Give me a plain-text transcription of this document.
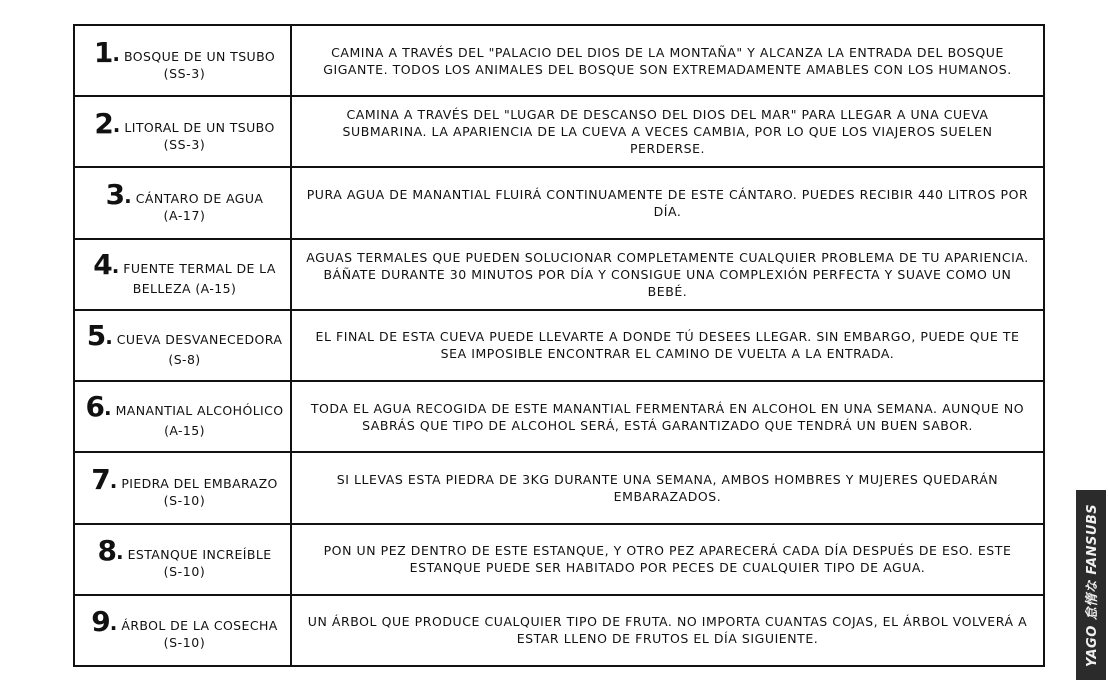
1. BOSQUE DE UN TSUBO
(SS-3)	CAMINA A TRAVÉS DEL "PALACIO DEL DIOS DE LA MONTAÑA" Y ALCANZA LA ENTRADA DEL BOSQUE GIGANTE. TODOS LOS ANIMALES DEL BOSQUE SON EXTREMADAMENTE AMABLES CON LOS HUMANOS.
2. LITORAL DE UN TSUBO
(SS-3)	CAMINA A TRAVÉS DEL "LUGAR DE DESCANSO DEL DIOS DEL MAR" PARA LLEGAR A UNA CUEVA SUBMARINA. LA APARIENCIA DE LA CUEVA A VECES CAMBIA, POR LO QUE LOS VIAJEROS SUELEN PERDERSE.
3. CÁNTARO DE AGUA
(A-17)	PURA AGUA DE MANANTIAL FLUIRÁ CONTINUAMENTE DE ESTE CÁNTARO. PUEDES RECIBIR 440 LITROS POR DÍA.
4. FUENTE TERMAL DE LA BELLEZA (A-15)	AGUAS TERMALES QUE PUEDEN SOLUCIONAR COMPLETAMENTE CUALQUIER PROBLEMA DE TU APARIENCIA. BÁÑATE DURANTE 30 MINUTOS POR DÍA Y CONSIGUE UNA COMPLEXIÓN PERFECTA Y SUAVE COMO UN BEBÉ.
5. CUEVA DESVANECEDORA (S-8)	EL FINAL DE ESTA CUEVA PUEDE LLEVARTE A DONDE TÚ DESEES LLEGAR. SIN EMBARGO, PUEDE QUE TE SEA IMPOSIBLE ENCONTRAR EL CAMINO DE VUELTA A LA ENTRADA.
6. MANANTIAL ALCOHÓLICO (A-15)	TODA EL AGUA RECOGIDA DE ESTE MANANTIAL FERMENTARÁ EN ALCOHOL EN UNA SEMANA. AUNQUE NO SABRÁS QUE TIPO DE ALCOHOL SERÁ, ESTÁ GARANTIZADO QUE TENDRÁ UN BUEN SABOR.
7. PIEDRA DEL EMBARAZO
(S-10)	SI LLEVAS ESTA PIEDRA DE 3KG DURANTE UNA SEMANA, AMBOS HOMBRES Y MUJERES QUEDARÁN EMBARAZADOS.
8. ESTANQUE INCREÍBLE
(S-10)	PON UN PEZ DENTRO DE ESTE ESTANQUE, Y OTRO PEZ APARECERÁ CADA DÍA DESPUÉS DE ESO. ESTE ESTANQUE PUEDE SER HABITADO POR PECES DE CUALQUIER TIPO DE AGUA.
9. ÁRBOL DE LA COSECHA
(S-10)	UN ÁRBOL QUE PRODUCE CUALQUIER TIPO DE FRUTA. NO IMPORTA CUANTAS COJAS, EL ÁRBOL VOLVERÁ A ESTAR LLENO DE FRUTOS EL DÍA SIGUIENTE.	YAGO 怠惰な FANSUBS
